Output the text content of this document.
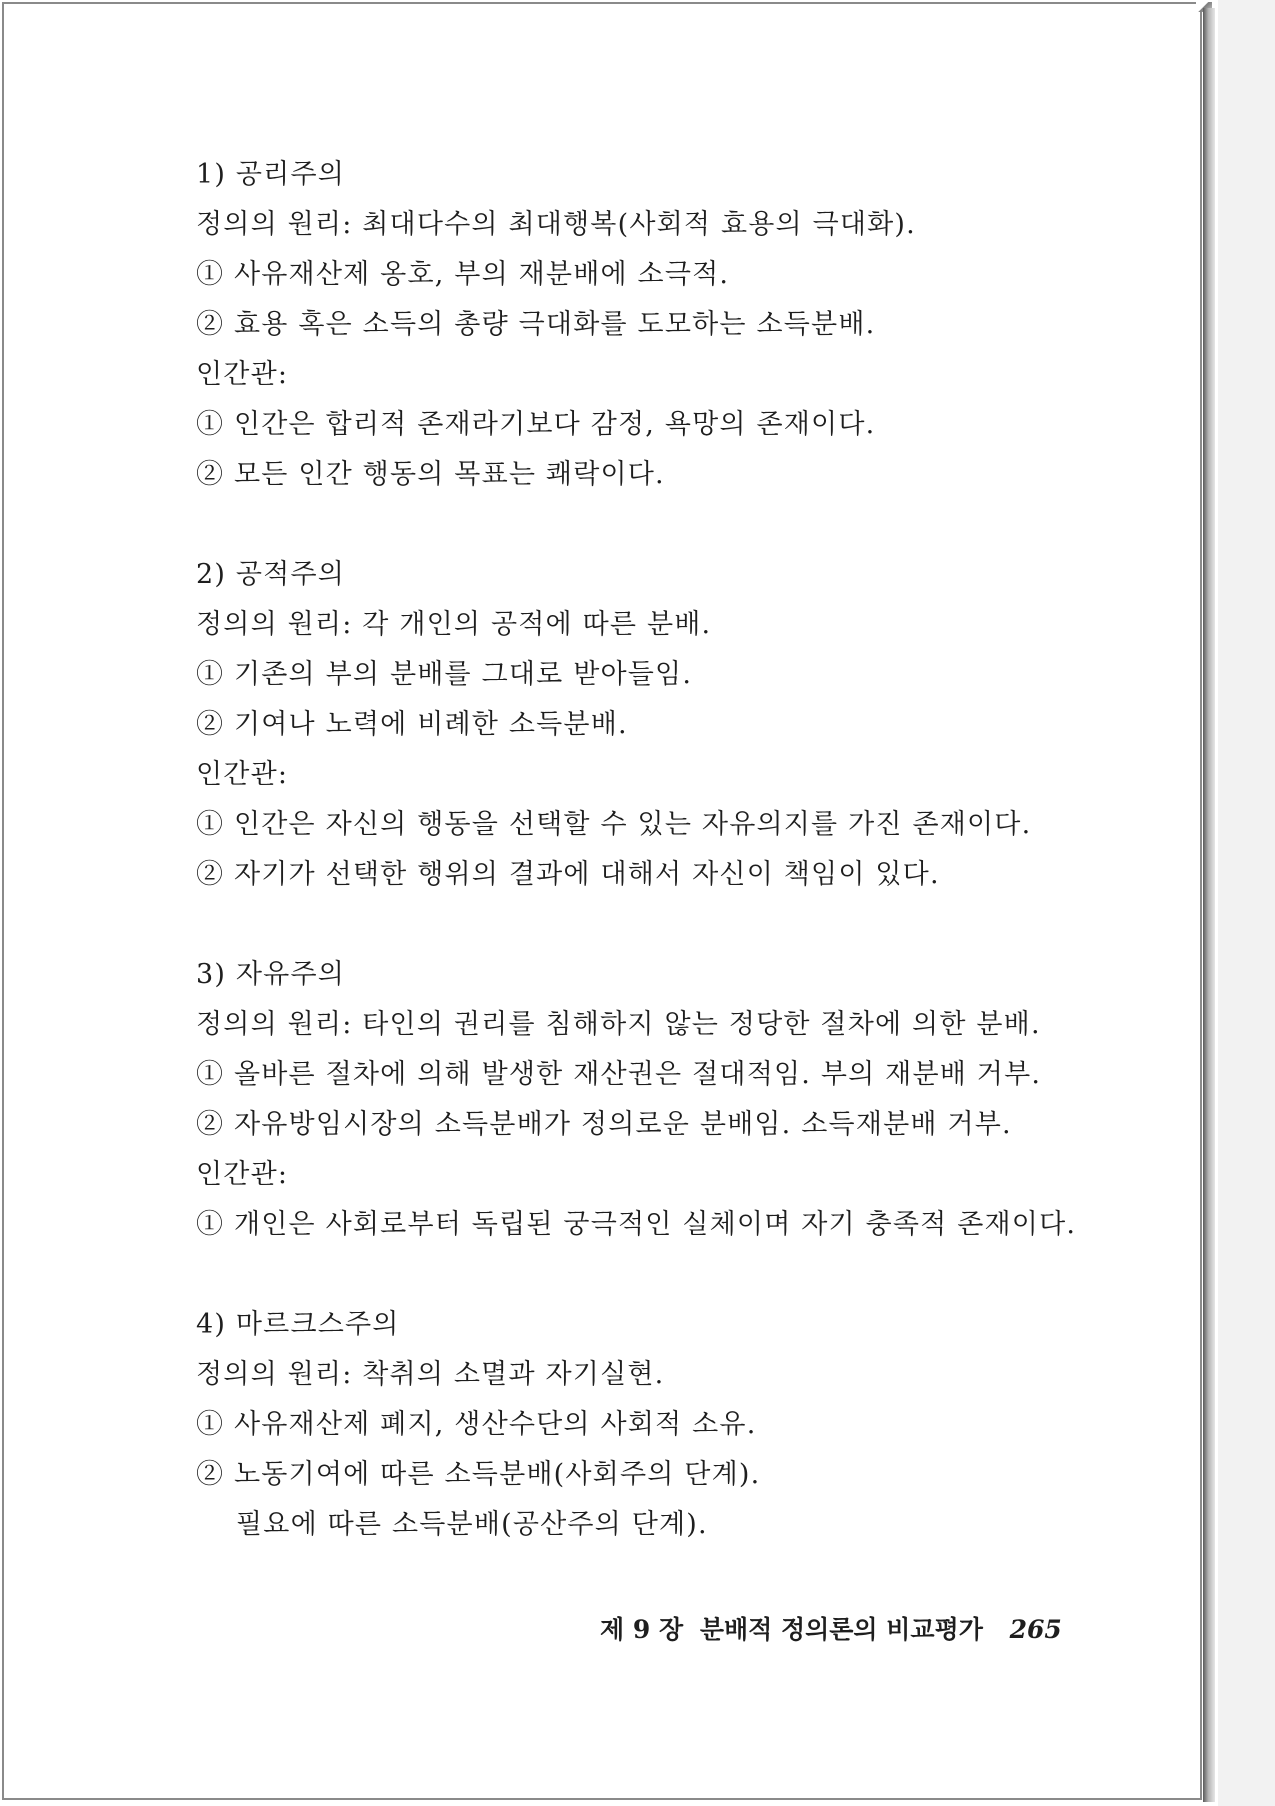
1) 공리주의
정의의 원리: 최대다수의 최대행복(사회적 효용의 극대화).
① 사유재산제 옹호, 부의 재분배에 소극적.
② 효용 혹은 소득의 총량 극대화를 도모하는 소득분배.
인간관:
① 인간은 합리적 존재라기보다 감정, 욕망의 존재이다.
② 모든 인간 행동의 목표는 쾌락이다.
2) 공적주의
정의의 원리: 각 개인의 공적에 따른 분배.
① 기존의 부의 분배를 그대로 받아들임.
② 기여나 노력에 비례한 소득분배.
인간관:
① 인간은 자신의 행동을 선택할 수 있는 자유의지를 가진 존재이다.
② 자기가 선택한 행위의 결과에 대해서 자신이 책임이 있다.
3) 자유주의
정의의 원리: 타인의 권리를 침해하지 않는 정당한 절차에 의한 분배.
① 올바른 절차에 의해 발생한 재산권은 절대적임. 부의 재분배 거부.
② 자유방임시장의 소득분배가 정의로운 분배임. 소득재분배 거부.
인간관:
① 개인은 사회로부터 독립된 궁극적인 실체이며 자기 충족적 존재이다.
4) 마르크스주의
정의의 원리: 착취의 소멸과 자기실현.
① 사유재산제 폐지, 생산수단의 사회적 소유.
② 노동기여에 따른 소득분배(사회주의 단계).
필요에 따른 소득분배(공산주의 단계).
제 9 장 분배적 정의론의 비교평가 265
